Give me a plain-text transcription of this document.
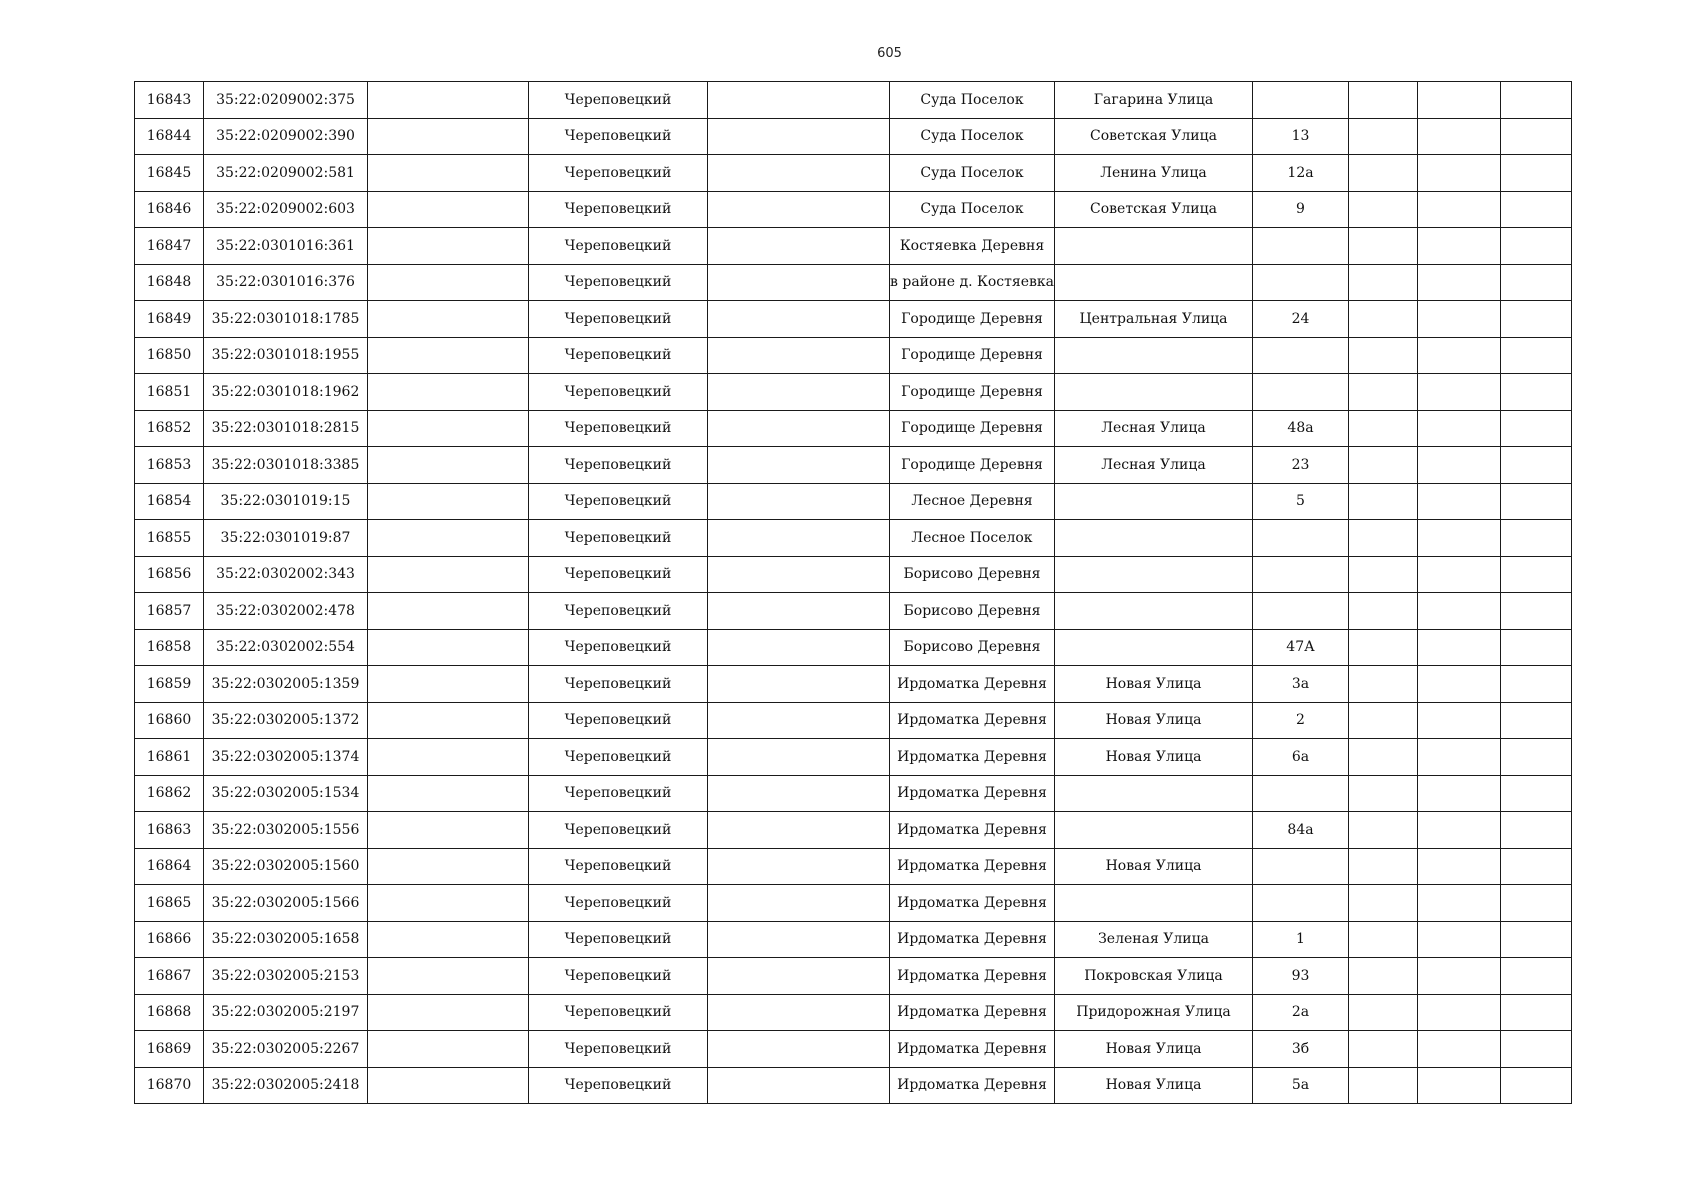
605
16843	35:22:0209002:375		Череповецкий		Суда Поселок	Гагарина Улица				
16844	35:22:0209002:390		Череповецкий		Суда Поселок	Советская Улица	13			
16845	35:22:0209002:581		Череповецкий		Суда Поселок	Ленина Улица	12а			
16846	35:22:0209002:603		Череповецкий		Суда Поселок	Советская Улица	9			
16847	35:22:0301016:361		Череповецкий		Костяевка Деревня					
16848	35:22:0301016:376		Череповецкий		в районе д. Костяевка					
16849	35:22:0301018:1785		Череповецкий		Городище Деревня	Центральная Улица	24			
16850	35:22:0301018:1955		Череповецкий		Городище Деревня					
16851	35:22:0301018:1962		Череповецкий		Городище Деревня					
16852	35:22:0301018:2815		Череповецкий		Городище Деревня	Лесная Улица	48а			
16853	35:22:0301018:3385		Череповецкий		Городище Деревня	Лесная Улица	23			
16854	35:22:0301019:15		Череповецкий		Лесное Деревня		5			
16855	35:22:0301019:87		Череповецкий		Лесное Поселок					
16856	35:22:0302002:343		Череповецкий		Борисово Деревня					
16857	35:22:0302002:478		Череповецкий		Борисово Деревня					
16858	35:22:0302002:554		Череповецкий		Борисово Деревня		47А			
16859	35:22:0302005:1359		Череповецкий		Ирдоматка Деревня	Новая Улица	3а			
16860	35:22:0302005:1372		Череповецкий		Ирдоматка Деревня	Новая Улица	2			
16861	35:22:0302005:1374		Череповецкий		Ирдоматка Деревня	Новая Улица	6а			
16862	35:22:0302005:1534		Череповецкий		Ирдоматка Деревня					
16863	35:22:0302005:1556		Череповецкий		Ирдоматка Деревня		84а			
16864	35:22:0302005:1560		Череповецкий		Ирдоматка Деревня	Новая Улица				
16865	35:22:0302005:1566		Череповецкий		Ирдоматка Деревня					
16866	35:22:0302005:1658		Череповецкий		Ирдоматка Деревня	Зеленая Улица	1			
16867	35:22:0302005:2153		Череповецкий		Ирдоматка Деревня	Покровская Улица	93			
16868	35:22:0302005:2197		Череповецкий		Ирдоматка Деревня	Придорожная Улица	2а			
16869	35:22:0302005:2267		Череповецкий		Ирдоматка Деревня	Новая Улица	3б			
16870	35:22:0302005:2418		Череповецкий		Ирдоматка Деревня	Новая Улица	5а			
